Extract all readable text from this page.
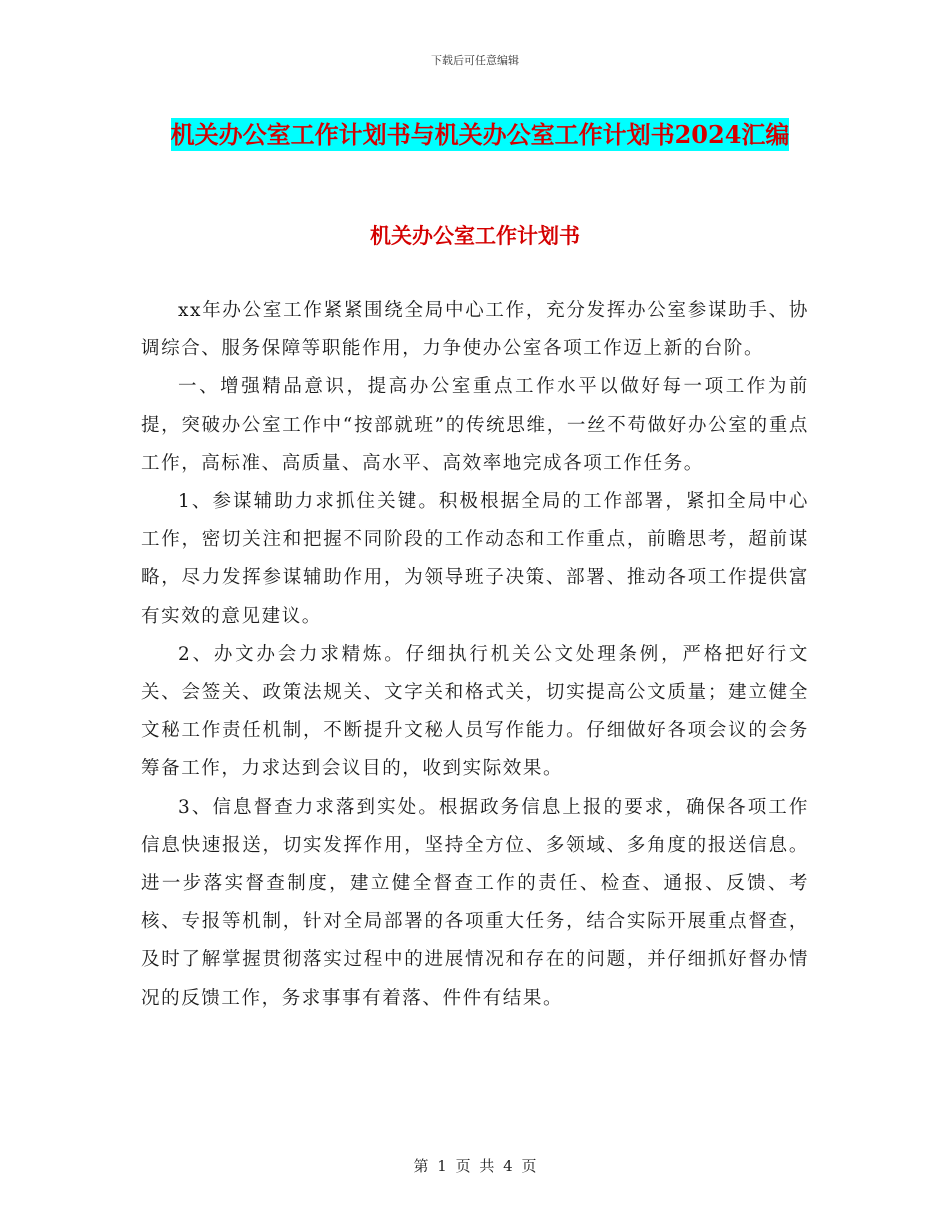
下载后可任意编辑
机关办公室工作计划书与机关办公室工作计划书2024汇编
机关办公室工作计划书

xx年办公室工作紧紧围绕全局中心工作，充分发挥办公室参谋助手、协调综合、服务保障等职能作用，力争使办公室各项工作迈上新的台阶。

一、增强精品意识，提高办公室重点工作水平以做好每一项工作为前提，突破办公室工作中“按部就班”的传统思维，一丝不苟做好办公室的重点工作，高标准、高质量、高水平、高效率地完成各项工作任务。

1、参谋辅助力求抓住关键。积极根据全局的工作部署，紧扣全局中心工作，密切关注和把握不同阶段的工作动态和工作重点，前瞻思考，超前谋略，尽力发挥参谋辅助作用，为领导班子决策、部署、推动各项工作提供富有实效的意见建议。

2、办文办会力求精炼。仔细执行机关公文处理条例，严格把好行文关、会签关、政策法规关、文字关和格式关，切实提高公文质量；建立健全文秘工作责任机制，不断提升文秘人员写作能力。仔细做好各项会议的会务筹备工作，力求达到会议目的，收到实际效果。

3、信息督查力求落到实处。根据政务信息上报的要求，确保各项工作信息快速报送，切实发挥作用，坚持全方位、多领域、多角度的报送信息。进一步落实督查制度，建立健全督查工作的责任、检查、通报、反馈、考核、专报等机制，针对全局部署的各项重大任务，结合实际开展重点督查，及时了解掌握贯彻落实过程中的进展情况和存在的问题，并仔细抓好督办情况的反馈工作，务求事事有着落、件件有结果。

第 1 页 共 4 页
